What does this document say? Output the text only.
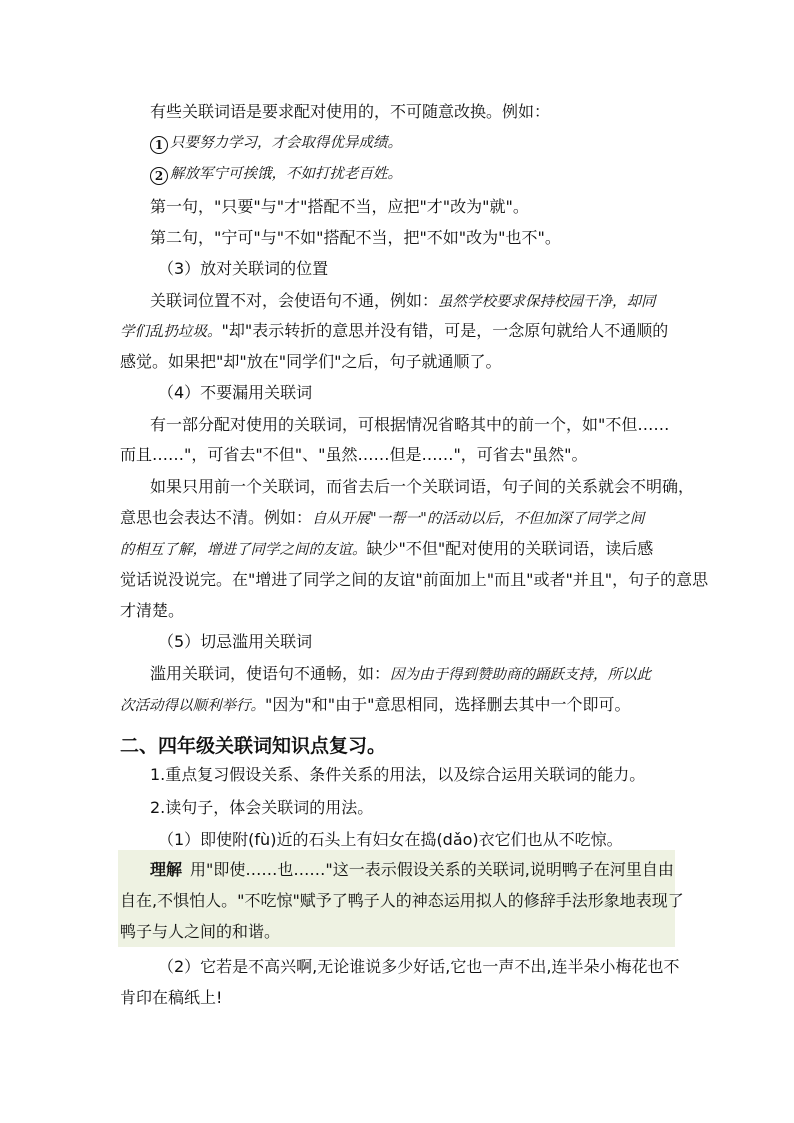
有些关联词语是要求配对使用的，不可随意改换。例如：
1 只要努力学习，才会取得优异成绩。
2 解放军宁可挨饿，不如打扰老百姓。
第一句，"只要"与"才"搭配不当，应把"才"改为"就"。
第二句，"宁可"与"不如"搭配不当，把"不如"改为"也不"。
（3）放对关联词的位置
关联词位置不对，会使语句不通，例如：虽然学校要求保持校园干净，却同
学们乱扔垃圾。"却"表示转折的意思并没有错，可是，一念原句就给人不通顺的
感觉。如果把"却"放在"同学们"之后，句子就通顺了。
（4）不要漏用关联词
有一部分配对使用的关联词，可根据情况省略其中的前一个，如"不但……
而且……"，可省去"不但"、"虽然……但是……"，可省去"虽然"。
如果只用前一个关联词，而省去后一个关联词语，句子间的关系就会不明确，
意思也会表达不清。例如：自从开展"一帮一"的活动以后，不但加深了同学之间
的相互了解，增进了同学之间的友谊。缺少"不但"配对使用的关联词语，读后感
觉话说没说完。在"增进了同学之间的友谊"前面加上"而且"或者"并且"，句子的意思
才清楚。
（5）切忌滥用关联词
滥用关联词，使语句不通畅，如：因为由于得到赞助商的踊跃支持，所以此
次活动得以顺利举行。"因为"和"由于"意思相同，选择删去其中一个即可。
二、四年级关联词知识点复习。
1.重点复习假设关系、条件关系的用法，以及综合运用关联词的能力。
2.读句子，体会关联词的用法。
（1）即使附(fù)近的石头上有妇女在捣(dǎo)衣它们也从不吃惊。
理解 用"即使……也……"这一表示假设关系的关联词,说明鸭子在河里自由
自在,不惧怕人。"不吃惊"赋予了鸭子人的神态运用拟人的修辞手法形象地表现了
鸭子与人之间的和谐。
（2）它若是不高兴啊,无论谁说多少好话,它也一声不出,连半朵小梅花也不
肯印在稿纸上!
